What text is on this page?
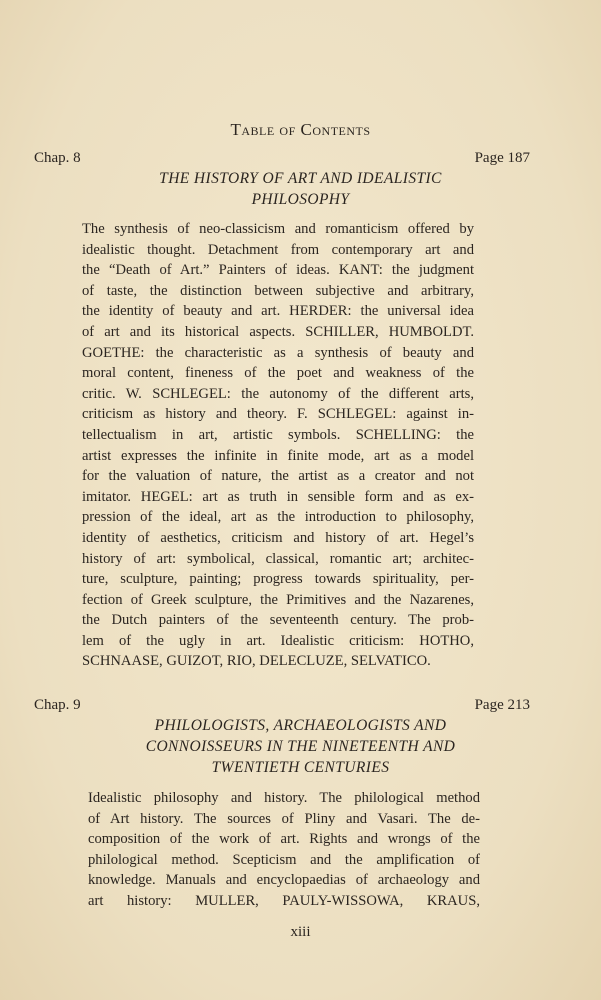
Table of Contents
Chap. 8	Page 187
THE HISTORY OF ART AND IDEALISTIC
PHILOSOPHY
The synthesis of neo-classicism and romanticism offered by
idealistic thought. Detachment from contemporary art and
the “Death of Art.” Painters of ideas. KANT: the judgment
of taste, the distinction between subjective and arbitrary,
the identity of beauty and art. HERDER: the universal idea
of art and its historical aspects. SCHILLER, HUMBOLDT.
GOETHE: the characteristic as a synthesis of beauty and
moral content, fineness of the poet and weakness of the
critic. W. SCHLEGEL: the autonomy of the different arts,
criticism as history and theory. F. SCHLEGEL: against in-
tellectualism in art, artistic symbols. SCHELLING: the
artist expresses the infinite in finite mode, art as a model
for the valuation of nature, the artist as a creator and not
imitator. HEGEL: art as truth in sensible form and as ex-
pression of the ideal, art as the introduction to philosophy,
identity of aesthetics, criticism and history of art. Hegel’s
history of art: symbolical, classical, romantic art; architec-
ture, sculpture, painting; progress towards spirituality, per-
fection of Greek sculpture, the Primitives and the Nazarenes,
the Dutch painters of the seventeenth century. The prob-
lem of the ugly in art. Idealistic criticism: HOTHO,
SCHNAASE, GUIZOT, RIO, DELECLUZE, SELVATICO.
Chap. 9	Page 213
PHILOLOGISTS, ARCHAEOLOGISTS AND
CONNOISSEURS IN THE NINETEENTH AND
TWENTIETH CENTURIES
Idealistic philosophy and history. The philological method
of Art history. The sources of Pliny and Vasari. The de-
composition of the work of art. Rights and wrongs of the
philological method. Scepticism and the amplification of
knowledge. Manuals and encyclopaedias of archaeology and
art history: MULLER, PAULY-WISSOWA, KRAUS,
xiii
